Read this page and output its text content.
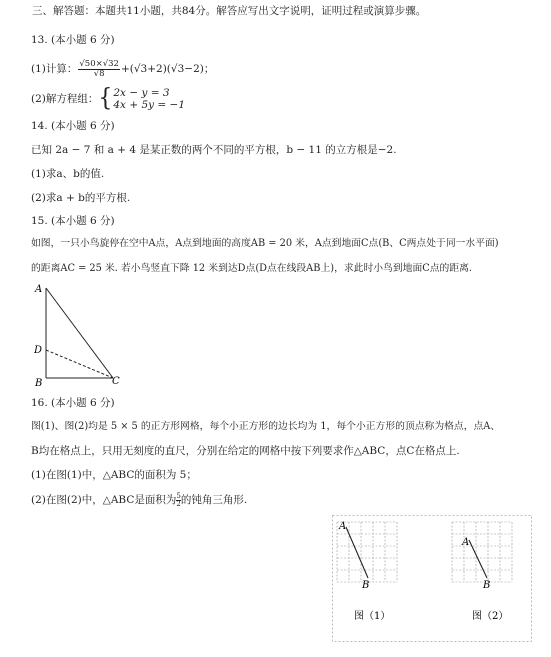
三、解答题：本题共11小题，共84分。解答应写出文字说明，证明过程或演算步骤。
13. (本小题 6 分)
(1)计算： $\frac{√50\times√32}{√8} +(√3+2)(√3-2)$；
(2)解方程组：{ 2x − y = 3
4x + 5y = −1
14. (本小题 6 分)
已知 2a − 7 和 a + 4 是某正数的两个不同的平方根，b − 11 的立方根是−2.
(1)求a、b的值.
(2)求a + b的平方根.
15. (本小题 6 分)
如图，一只小鸟旋停在空中A点，A点到地面的高度AB = 20 米，A点到地面C点(B、C两点处于同一水平面)
的距离AC = 25 米. 若小鸟竖直下降 12 米到达D点(D点在线段AB上)，求此时小鸟到地面C点的距离.
A
D
B	C
16. (本小题 6 分)
图(1)、图(2)均是 5 × 5 的正方形网格，每个小正方形的边长均为 1，每个小正方形的顶点称为格点，点A、
B均在格点上，只用无刻度的直尺，分别在给定的网格中按下列要求作△ABC，点C在格点上.
(1)在图(1)中，△ABC的面积为 5；
(2)在图(2)中，△ABC是面积为 $\frac{5}{2}$ 的钝角三角形.
A
B
A
B
图（1）	图（2）
